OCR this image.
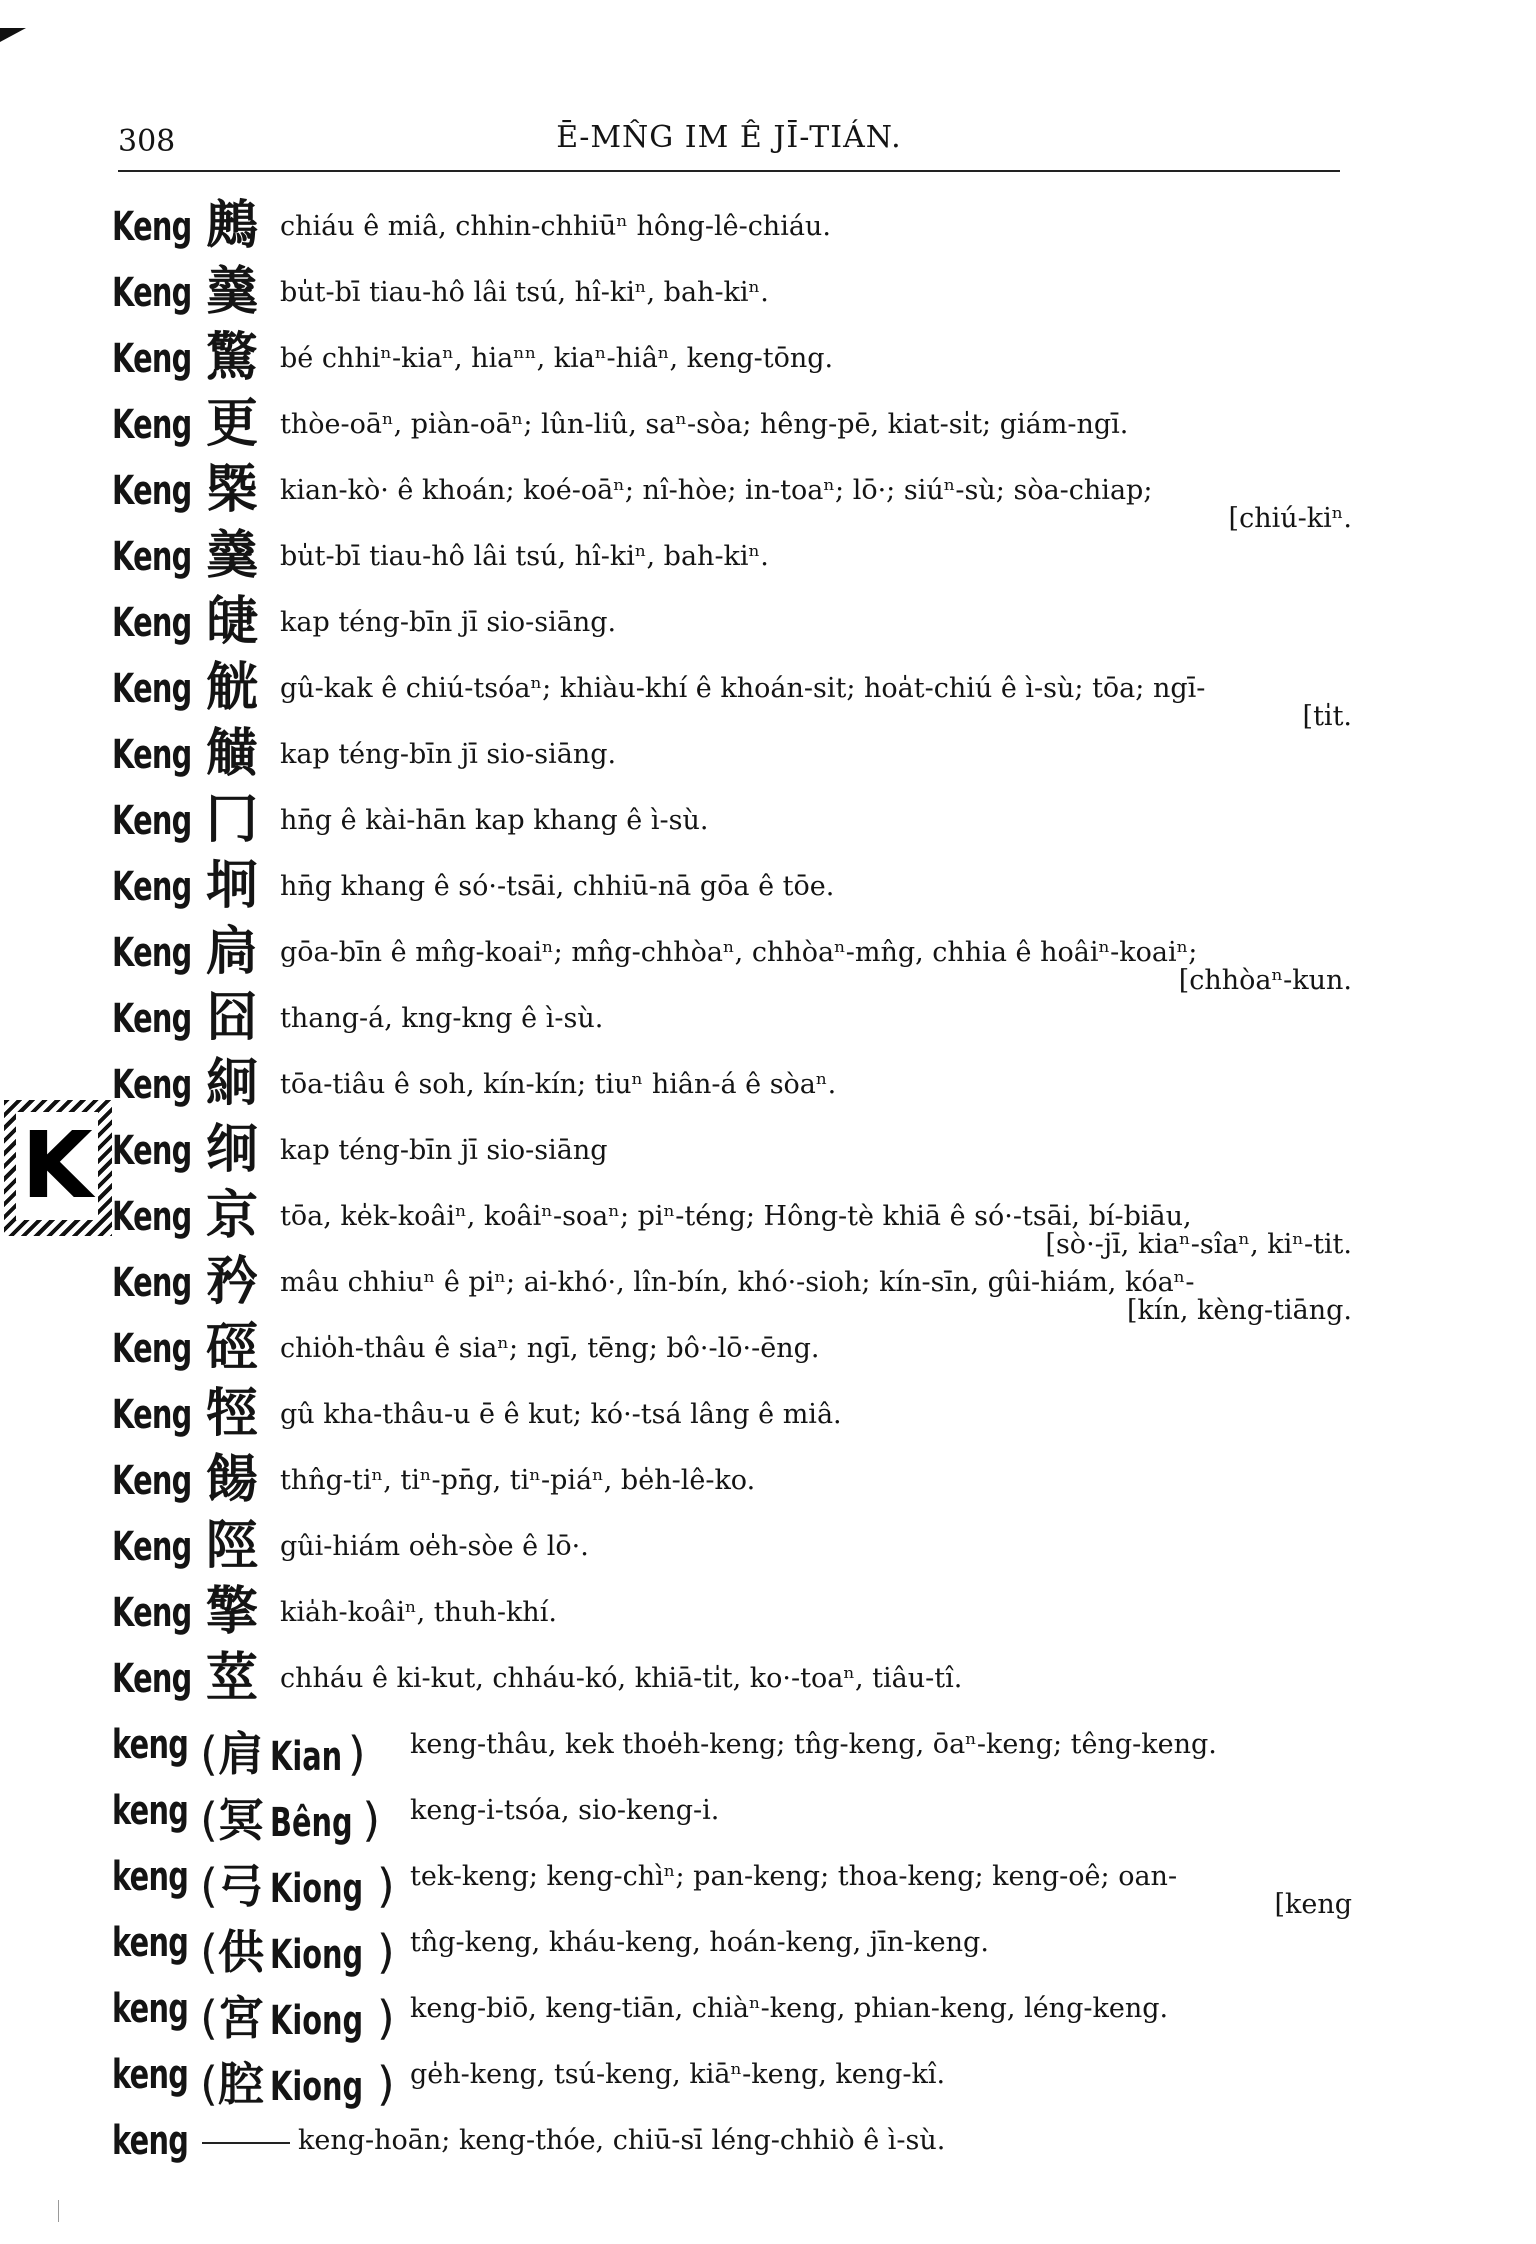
308	Ē-MN̂G IM Ê JĪ-TIÁN.
K
Keng 鶊 chiáu ê miâ, chhin-chhiūⁿ hông-lê-chiáu.
Keng 羹 bu̍t-bī tiau-hô lâi tsú, hî-kiⁿ, bah-kiⁿ.
Keng 驚 bé chhiⁿ-kiaⁿ, hiaⁿⁿ, kiaⁿ-hiâⁿ, keng-tōng.
Keng 更 thòe-oāⁿ, piàn-oāⁿ; lûn-liû, saⁿ-sòa; hêng-pē, kiat-si̍t; giám-ngī.
Keng 㮣 kian-kò· ê khoán; koé-oāⁿ; nî-hòe; in-toaⁿ; lō·; siúⁿ-sù; sòa-chiap;
[chiú-kiⁿ.
Keng 羹 bu̍t-bī tiau-hô lâi tsú, hî-kiⁿ, bah-kiⁿ.
Keng 䑖 kap téng-bīn jī sio-siāng.
Keng 觥 gû-kak ê chiú-tsóaⁿ; khiàu-khí ê khoán-sit; hoa̍t-chiú ê ì-sù; tōa; ngī-
[ti̍t.
Keng 觵 kap téng-bīn jī sio-siāng.
Keng 冂 hn̄g ê kài-hān kap khang ê ì-sù.
Keng 坰 hn̄g khang ê só·-tsāi, chhiū-nā gōa ê tōe.
Keng 扃 gōa-bīn ê mn̂g-koaiⁿ; mn̂g-chhòaⁿ, chhòaⁿ-mn̂g, chhia ê hoâiⁿ-koaiⁿ;
[chhòaⁿ-kun.
Keng 囧 thang-á, kng-kng ê ì-sù.
Keng 絅 tōa-tiâu ê soh, kín-kín; tiuⁿ hiân-á ê sòaⁿ.
Keng 䌹 kap téng-bīn jī sio-siāng
Keng 京 tōa, ke̍k-koâiⁿ, koâiⁿ-soaⁿ; piⁿ-téng; Hông-tè khiā ê só·-tsāi, bí-biāu,
[sò·-jī, kiaⁿ-sîaⁿ, kiⁿ-tit.
Keng 矜 mâu chhiuⁿ ê piⁿ; ai-khó·, lîn-bín, khó·-sioh; kín-sīn, gûi-hiám, kóaⁿ-
[kín, kèng-tiāng.
Keng 硜 chio̍h-thâu ê siaⁿ; ngī, tēng; bô·-lō·-ēng.
Keng 牼 gû kha-thâu-u ē ê kut; kó·-tsá lâng ê miâ.
Keng 餳 thn̂g-tiⁿ, tiⁿ-pn̄g, tiⁿ-piáⁿ, be̍h-lê-ko.
Keng 陘 gûi-hiám oe̍h-sòe ê lō·.
Keng 擎 kia̍h-koâiⁿ, thuh-khí.
Keng 莖 chháu ê ki-kut, chháu-kó, khiā-ti̍t, ko·-toaⁿ, tiâu-tî.
keng (肩 Kian ) keng-thâu, kek thoe̍h-keng; tn̂g-keng, ōaⁿ-keng; têng-keng.
keng (冥 Bêng ) keng-i-tsóa, sio-keng-i.
keng (弓 Kiong ) tek-keng; keng-chìⁿ; pan-keng; thoa-keng; keng-oê; oan-
[keng
keng (供 Kiong ) tn̂g-keng, kháu-keng, hoán-keng, jīn-keng.
keng (宮 Kiong ) keng-biō, keng-tiān, chiàⁿ-keng, phian-keng, léng-keng.
keng (腔 Kiong ) ge̍h-keng, tsú-keng, kiāⁿ-keng, keng-kî.
keng	keng-hoān; keng-thóe, chiū-sī léng-chhiò ê ì-sù.
